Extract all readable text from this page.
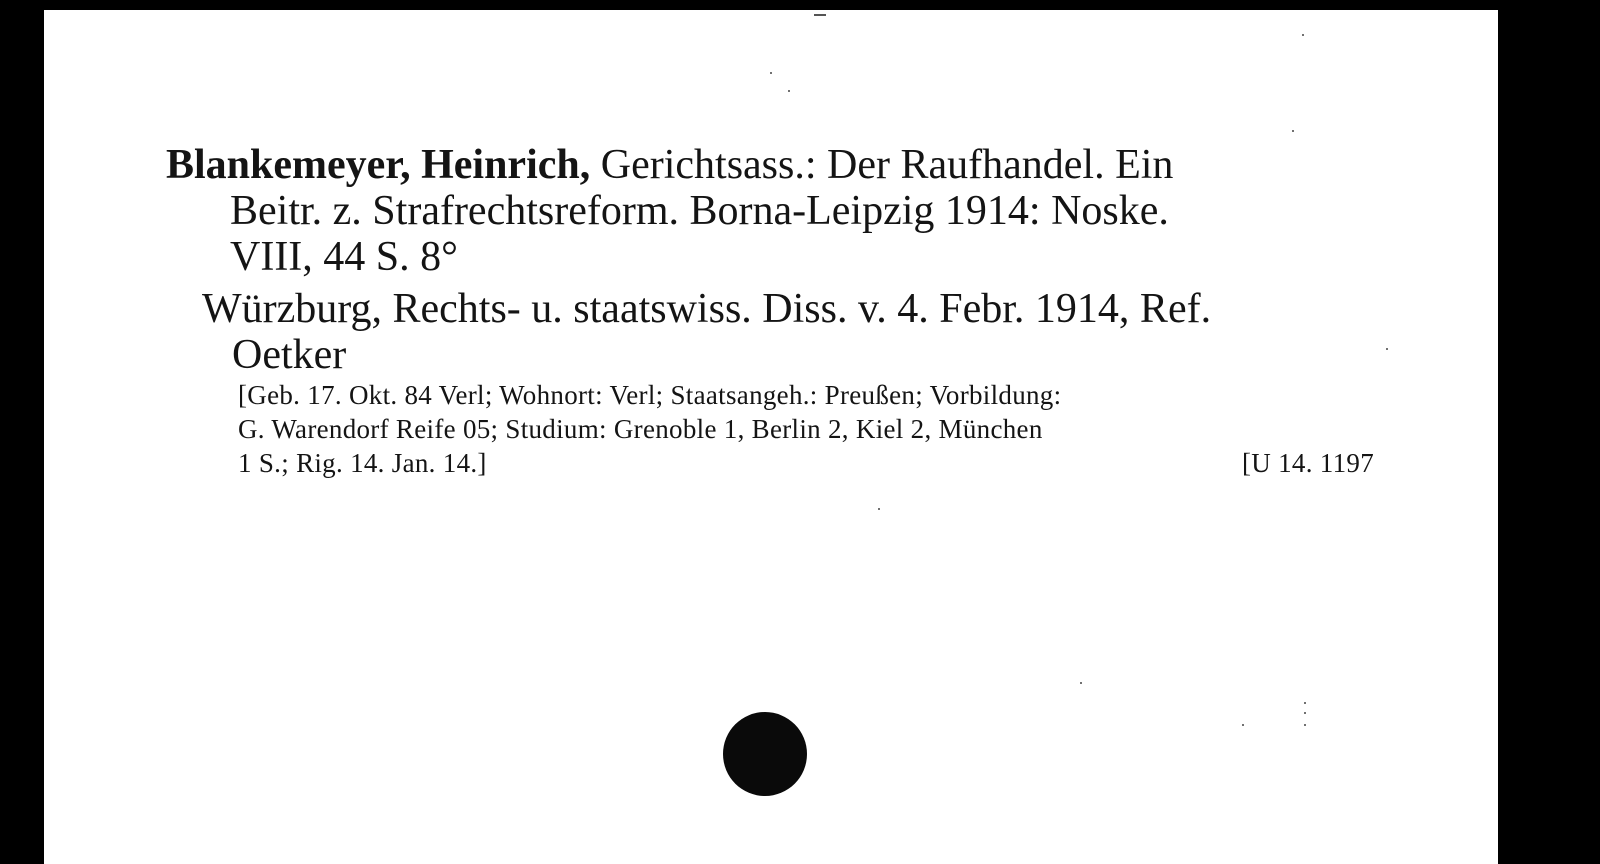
Blankemeyer, Heinrich, Gerichtsass.: Der Raufhandel. Ein
Beitr. z. Strafrechtsreform. Borna-Leipzig 1914: Noske.
VIII, 44 S. 8°
Würzburg, Rechts- u. staatswiss. Diss. v. 4. Febr. 1914, Ref.
Oetker
[Geb. 17. Okt. 84 Verl; Wohnort: Verl; Staatsangeh.: Preußen; Vorbildung:
G. Warendorf Reife 05; Studium: Grenoble 1, Berlin 2, Kiel 2, München
1 S.; Rig. 14. Jan. 14.]	[U 14. 1197
